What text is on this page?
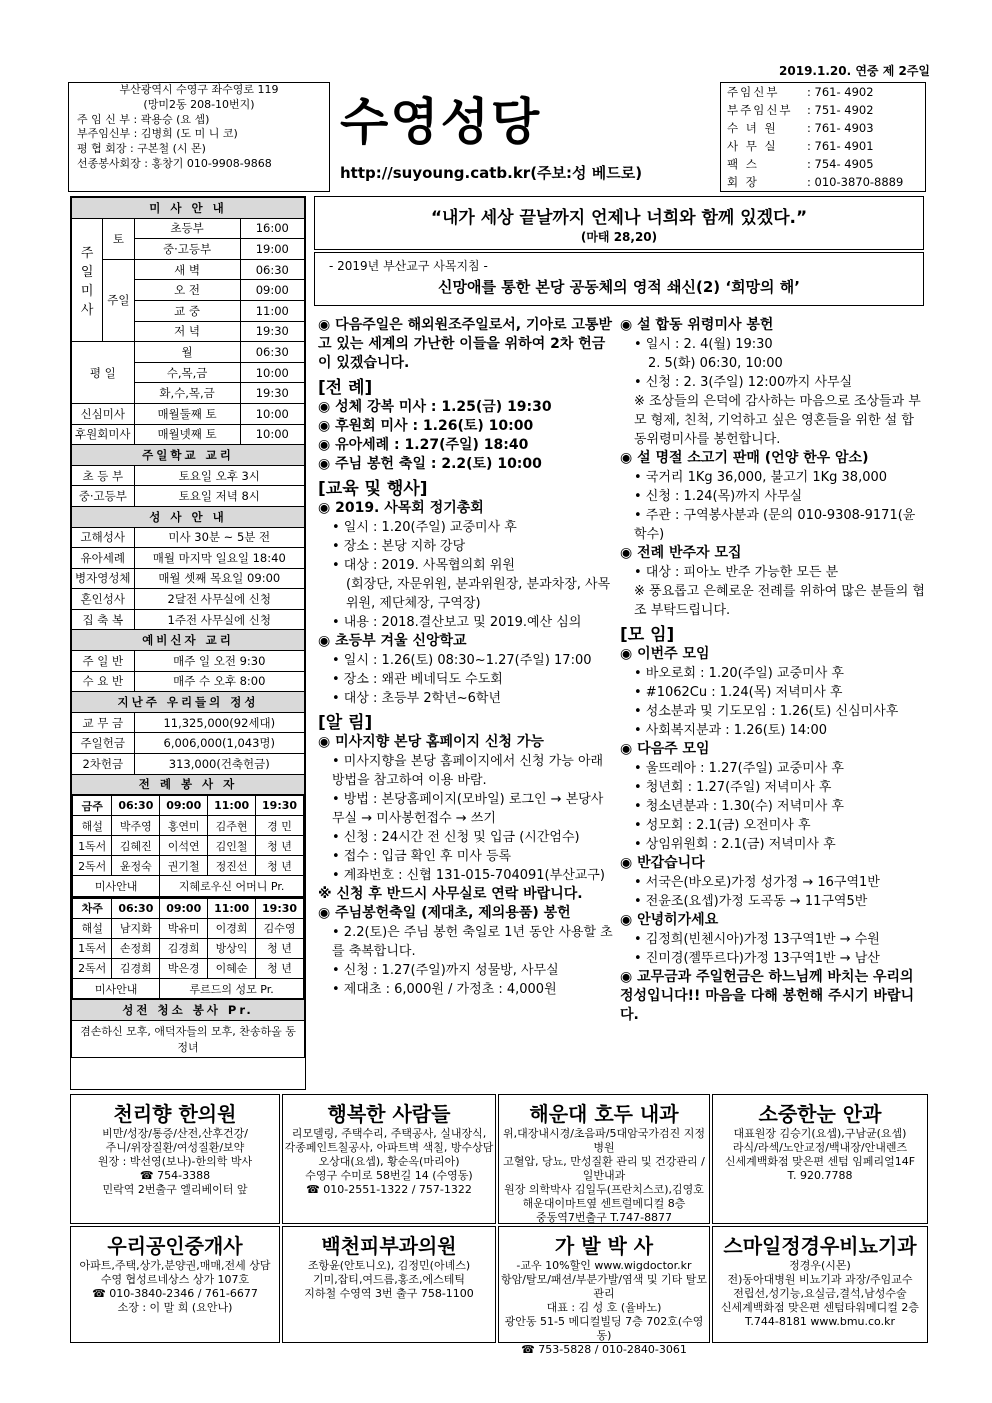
2019.1.20. 연중 제 2주일
부산광역시 수영구 좌수영로 119
(망미2동 208-10번지)
주 임 신 부 : 곽용승 (요 셉)
부주임신부 : 김병희 (도 미 니 코)
평 협 회장 : 구본철 (시 몬)
선종봉사회장 : 홍창기 010-9908-9868
수영성당
http://suyoung.catb.kr(주보:성 베드로)
주임신부	: 761- 4902
부주임신부	: 751- 4902
수 녀 원	: 761- 4903
사 무 실	: 761- 4901
팩 스	: 754- 4905
회 장	: 010-3870-8889
미 사 안 내
주일미사	토	초등부	16:00
중·고등부	19:00
주일	새 벽	06:30
오 전	09:00
교 중	11:00
저 녁	19:30
평 일	월	06:30
수,목,금	10:00
화,수,목,금	19:30
신심미사	매월둘째 토	10:00
후원회미사	매월넷째 토	10:00
주일학교 교리
초 등 부	토요일 오후 3시
중·고등부	토요일 저녁 8시
성 사 안 내
고해성사	미사 30분 ~ 5분 전
유아세례	매월 마지막 일요일 18:40
병자영성체	매월 셋째 목요일 09:00
혼인성사	2달전 사무실에 신청
집 축 복	1주전 사무실에 신청
예비신자 교리
주 일 반	매주 일 오전 9:30
수 요 반	매주 수 오후 8:00
지난주 우리들의 정성
교 무 금	11,325,000(92세대)
주일헌금	6,006,000(1,043명)
2차헌금	313,000(건축헌금)
전 례 봉 사 자

금주	06:30	09:00	11:00	19:30
해설	박주영	홍연미	김주현	경 민
1독서	김혜진	이석연	김인철	청 년
2독서	윤정숙	권기철	정진선	청 년
미사안내	지혜로우신 어머니 Pr.

차주	06:30	09:00	11:00	19:30
해설	남지화	박유미	이경희	김수영
1독서	손정희	김경희	방상익	청 년
2독서	김경희	박은경	이혜순	청 년
미사안내	루르드의 성모 Pr.

성전 청소 봉사 Pr.
겸손하신 모후, 애덕자들의 모후, 찬송하올 동정녀
“내가 세상 끝날까지 언제나 너희와 함께 있겠다.”
(마태 28,20)
- 2019년 부산교구 사목지침 -
신망애를 통한 본당 공동체의 영적 쇄신(2) ‘희망의 해’
◉ 다음주일은 해외원조주일로서, 기아로 고통받고 있는 세계의 가난한 이들을 위하여 2차 헌금이 있겠습니다.
[전 례]
◉ 성체 강복 미사 : 1.25(금) 19:30
◉ 후원회 미사 : 1.26(토) 10:00
◉ 유아세례 : 1.27(주일) 18:40
◉ 주님 봉헌 축일 : 2.2(토) 10:00
[교육 및 행사]
◉ 2019. 사목회 정기총회
• 일시 : 1.20(주일) 교중미사 후
• 장소 : 본당 지하 강당
• 대상 : 2019. 사목협의회 위원
(회장단, 자문위원, 분과위원장, 분과차장, 사목위원, 제단체장, 구역장)
• 내용 : 2018.결산보고 및 2019.예산 심의
◉ 초등부 겨울 신앙학교
• 일시 : 1.26(토) 08:30~1.27(주일) 17:00
• 장소 : 왜관 베네딕도 수도회
• 대상 : 초등부 2학년~6학년
[알 림]
◉ 미사지향 본당 홈페이지 신청 가능
• 미사지향을 본당 홈페이지에서 신청 가능 아래 방법을 참고하여 이용 바람.
• 방법 : 본당홈페이지(모바일) 로그인 → 본당사무실 → 미사봉헌접수 → 쓰기
• 신청 : 24시간 전 신청 및 입금 (시간엄수)
• 접수 : 입금 확인 후 미사 등록
• 계좌번호 : 신협 131-015-704091(부산교구)
※ 신청 후 반드시 사무실로 연락 바랍니다.
◉ 주님봉헌축일 (제대초, 제의용품) 봉헌
• 2.2(토)은 주님 봉헌 축일로 1년 동안 사용할 초를 축복합니다.
• 신청 : 1.27(주일)까지 성물방, 사무실
• 제대초 : 6,000원 / 가정초 : 4,000원
◉ 설 합동 위령미사 봉헌
• 일시 : 2. 4(월) 19:30
2. 5(화) 06:30, 10:00
• 신청 : 2. 3(주일) 12:00까지 사무실
※ 조상들의 은덕에 감사하는 마음으로 조상들과 부모 형제, 친척, 기억하고 싶은 영혼들을 위한 설 합동위령미사를 봉헌합니다.
◉ 설 명절 소고기 판매 (언양 한우 암소)
• 국거리 1Kg 36,000, 불고기 1Kg 38,000
• 신청 : 1.24(목)까지 사무실
• 주관 : 구역봉사분과 (문의 010-9308-9171(윤학수)
◉ 전례 반주자 모집
• 대상 : 피아노 반주 가능한 모든 분
※ 풍요롭고 은혜로운 전례를 위하여 많은 분들의 협조 부탁드립니다.
[모 임]
◉ 이번주 모임
• 바오로회 : 1.20(주일) 교중미사 후
• #1062Cu : 1.24(목) 저녁미사 후
• 성소분과 및 기도모임 : 1.26(토) 신심미사후
• 사회복지분과 : 1.26(토) 14:00
◉ 다음주 모임
• 울뜨레아 : 1.27(주일) 교중미사 후
• 청년회 : 1.27(주일) 저녁미사 후
• 청소년분과 : 1.30(수) 저녁미사 후
• 성모회 : 2.1(금) 오전미사 후
• 상임위원회 : 2.1(금) 저녁미사 후
◉ 반갑습니다
• 서국은(바오로)가정 성가정 → 16구역1반
• 전윤조(요셉)가정 도곡동 → 11구역5반
◉ 안녕히가세요
• 김정희(빈첸시아)가정 13구역1반 → 수원
• 진미경(젤뚜르다)가정 13구역1반 → 남산
◉ 교무금과 주일헌금은 하느님께 바치는 우리의 정성입니다!! 마음을 다해 봉헌해 주시기 바랍니다.
천리향 한의원
비만/성장/통증/산전,산후건강/
주니/위장질환/여성질환/보약
원장 : 박선영(보나)-한의학 박사
☎ 754-3388
민락역 2번출구 엘리베이터 앞
행복한 사람들
리모델링, 주택수리, 주택공사, 실내장식,
각종페인트칠공사, 아파트벽 색칠, 방수상담
오상대(요셉), 황순옥(마리아)
수영구 수미로 58번길 14 (수영동)
☎ 010-2551-1322 / 757-1322
해운대 호두 내과
위,대장내시경/초음파/5대암국가검진 지정병원
고혈압, 당뇨, 만성질환 관리 및 건강관리 / 일반내과
원장 의학박사 김일두(프란치스코),김영호
해운대이마트옆 센트럴메디컬 8층
중동역7번출구 T.747-8877
소중한눈 안과
대표원장 김승기(요셉),구남균(요셉)
라식/라섹/노안교정/백내장/안내렌즈
신세계백화점 맞은편 센텀 임페리얼14F
T. 920.7788
우리공인중개사
아파트,주택,상가,분양권,매매,전세 상담
수영 협성르네상스 상가 107호
☎ 010-3840-2346 / 761-6677
소장 : 이 말 희 (요안나)
백천피부과의원
조항윤(안토니오), 김정민(아녜스)
기미,잡티,여드름,홍조,에스테틱
지하철 수영역 3번 출구 758-1100
가 발 박 사
-교우 10%할인 www.wigdoctor.kr
항암/탈모/패션/부분가발/염색 및 기타 탈모관리
대표 : 김 성 호 (율바노)
광안동 51-5 메디컬빌딩 7층 702호(수영동)
☎ 753-5828 / 010-2840-3061
스마일정경우비뇨기과
정경우(시몬)
전)동아대병원 비뇨기과 과장/주임교수
전립선,성기능,요실금,결석,남성수술
신세계백화점 맞은편 센텀타워메디컬 2층
T.744-8181 www.bmu.co.kr
